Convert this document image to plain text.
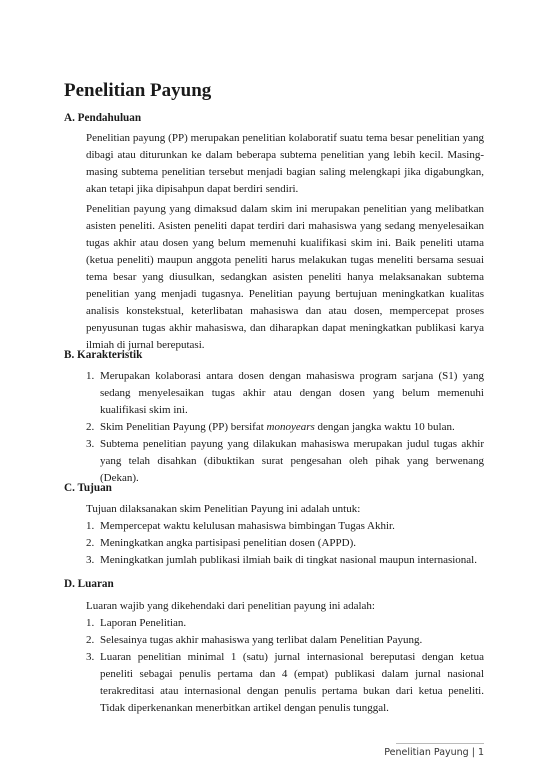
Penelitian Payung
A. Pendahuluan

Penelitian payung (PP) merupakan penelitian kolaboratif suatu tema besar penelitian yang dibagi atau diturunkan ke dalam beberapa subtema penelitian yang lebih kecil. Masing-masing subtema penelitian tersebut menjadi bagian saling melengkapi jika digabungkan, akan tetapi jika dipisahpun dapat berdiri sendiri.

Penelitian payung yang dimaksud dalam skim ini merupakan penelitian yang melibatkan asisten peneliti. Asisten peneliti dapat terdiri dari mahasiswa yang sedang menyelesaikan tugas akhir atau dosen yang belum memenuhi kualifikasi skim ini. Baik peneliti utama (ketua peneliti) maupun anggota peneliti harus melakukan tugas meneliti bersama sesuai tema besar yang diusulkan, sedangkan asisten peneliti hanya melaksanakan subtema penelitian yang menjadi tugasnya. Penelitian payung bertujuan meningkatkan kualitas analisis konstekstual, keterlibatan mahasiswa dan atau dosen, mempercepat proses penyusunan tugas akhir mahasiswa, dan diharapkan dapat meningkatkan publikasi karya ilmiah di jurnal bereputasi.

B. Karakteristik
1. Merupakan kolaborasi antara dosen dengan mahasiswa program sarjana (S1) yang sedang menyelesaikan tugas akhir atau dengan dosen yang belum memenuhi kualifikasi skim ini.
2. Skim Penelitian Payung (PP) bersifat monoyears dengan jangka waktu 10 bulan.
3. Subtema penelitian payung yang dilakukan mahasiswa merupakan judul tugas akhir yang telah disahkan (dibuktikan surat pengesahan oleh pihak yang berwenang (Dekan).
C. Tujuan

Tujuan dilaksanakan skim Penelitian Payung ini adalah untuk:

1. Mempercepat waktu kelulusan mahasiswa bimbingan Tugas Akhir.
2. Meningkatkan angka partisipasi penelitian dosen (APPD).
3. Meningkatkan jumlah publikasi ilmiah baik di tingkat nasional maupun internasional.
D. Luaran

Luaran wajib yang dikehendaki dari penelitian payung ini adalah:

1. Laporan Penelitian.
2. Selesainya tugas akhir mahasiswa yang terlibat dalam Penelitian Payung.
3. Luaran penelitian minimal 1 (satu) jurnal internasional bereputasi dengan ketua peneliti sebagai penulis pertama dan 4 (empat) publikasi dalam jurnal nasional terakreditasi atau internasional dengan penulis pertama bukan dari ketua peneliti. Tidak diperkenankan menerbitkan artikel dengan penulis tunggal.
Penelitian Payung | 1
